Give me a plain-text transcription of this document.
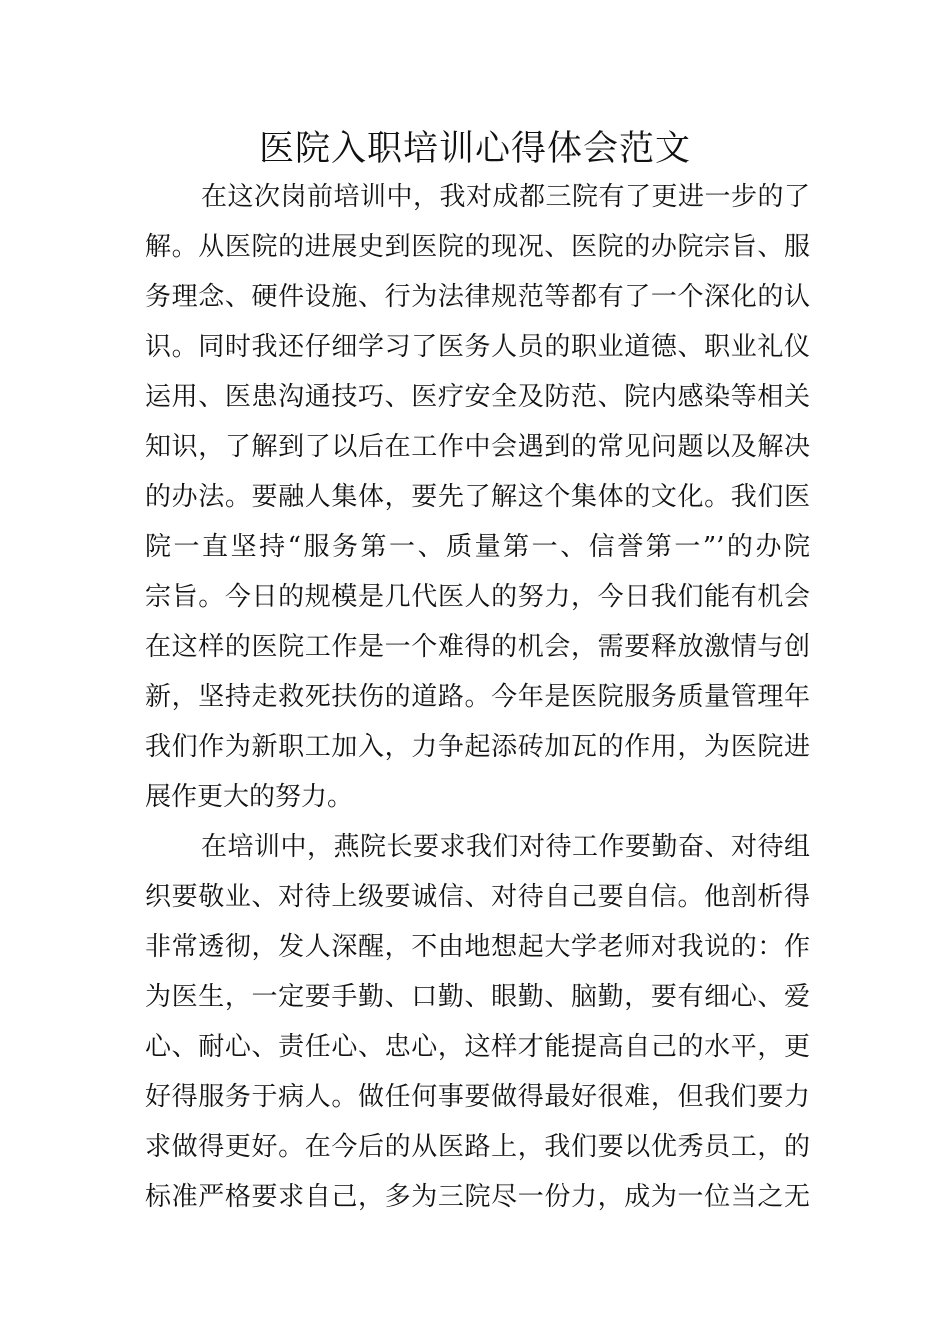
医院入职培训心得体会范文
在这次岗前培训中，我对成都三院有了更进一步的了
解。从医院的进展史到医院的现况、医院的办院宗旨、服
务理念、硬件设施、行为法律规范等都有了一个深化的认
识。同时我还仔细学习了医务人员的职业道德、职业礼仪
运用、医患沟通技巧、医疗安全及防范、院内感染等相关
知识，了解到了以后在工作中会遇到的常见问题以及解决
的办法。要融人集体，要先了解这个集体的文化。我们医
院一直坚持“服务第一、质量第一、信誉第一”’的办院
宗旨。今日的规模是几代医人的努力，今日我们能有机会
在这样的医院工作是一个难得的机会，需要释放激情与创
新，坚持走救死扶伤的道路。今年是医院服务质量管理年
我们作为新职工加入，力争起添砖加瓦的作用，为医院进
展作更大的努力。
在培训中，燕院长要求我们对待工作要勤奋、对待组
织要敬业、对待上级要诚信、对待自己要自信。他剖析得
非常透彻，发人深醒，不由地想起大学老师对我说的：作
为医生，一定要手勤、口勤、眼勤、脑勤，要有细心、爱
心、耐心、责任心、忠心，这样才能提高自己的水平，更
好得服务于病人。做任何事要做得最好很难，但我们要力
求做得更好。在今后的从医路上，我们要以优秀员工，的
标准严格要求自己，多为三院尽一份力，成为一位当之无
